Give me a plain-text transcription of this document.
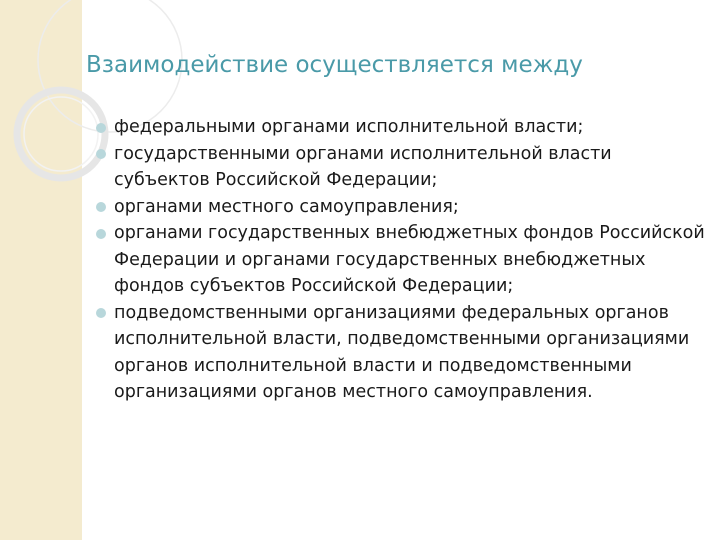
Взаимодействие осуществляется между
федеральными органами исполнительной власти;
государственными органами исполнительной власти субъектов Российской Федерации;
органами местного самоуправления;
органами государственных внебюджетных фондов Российской Федерации и органами государственных внебюджетных фондов субъектов Российской Федерации;
подведомственными организациями федеральных органов исполнительной власти, подведомственными организациями органов исполнительной власти и подведомственными организациями органов местного самоуправления.
